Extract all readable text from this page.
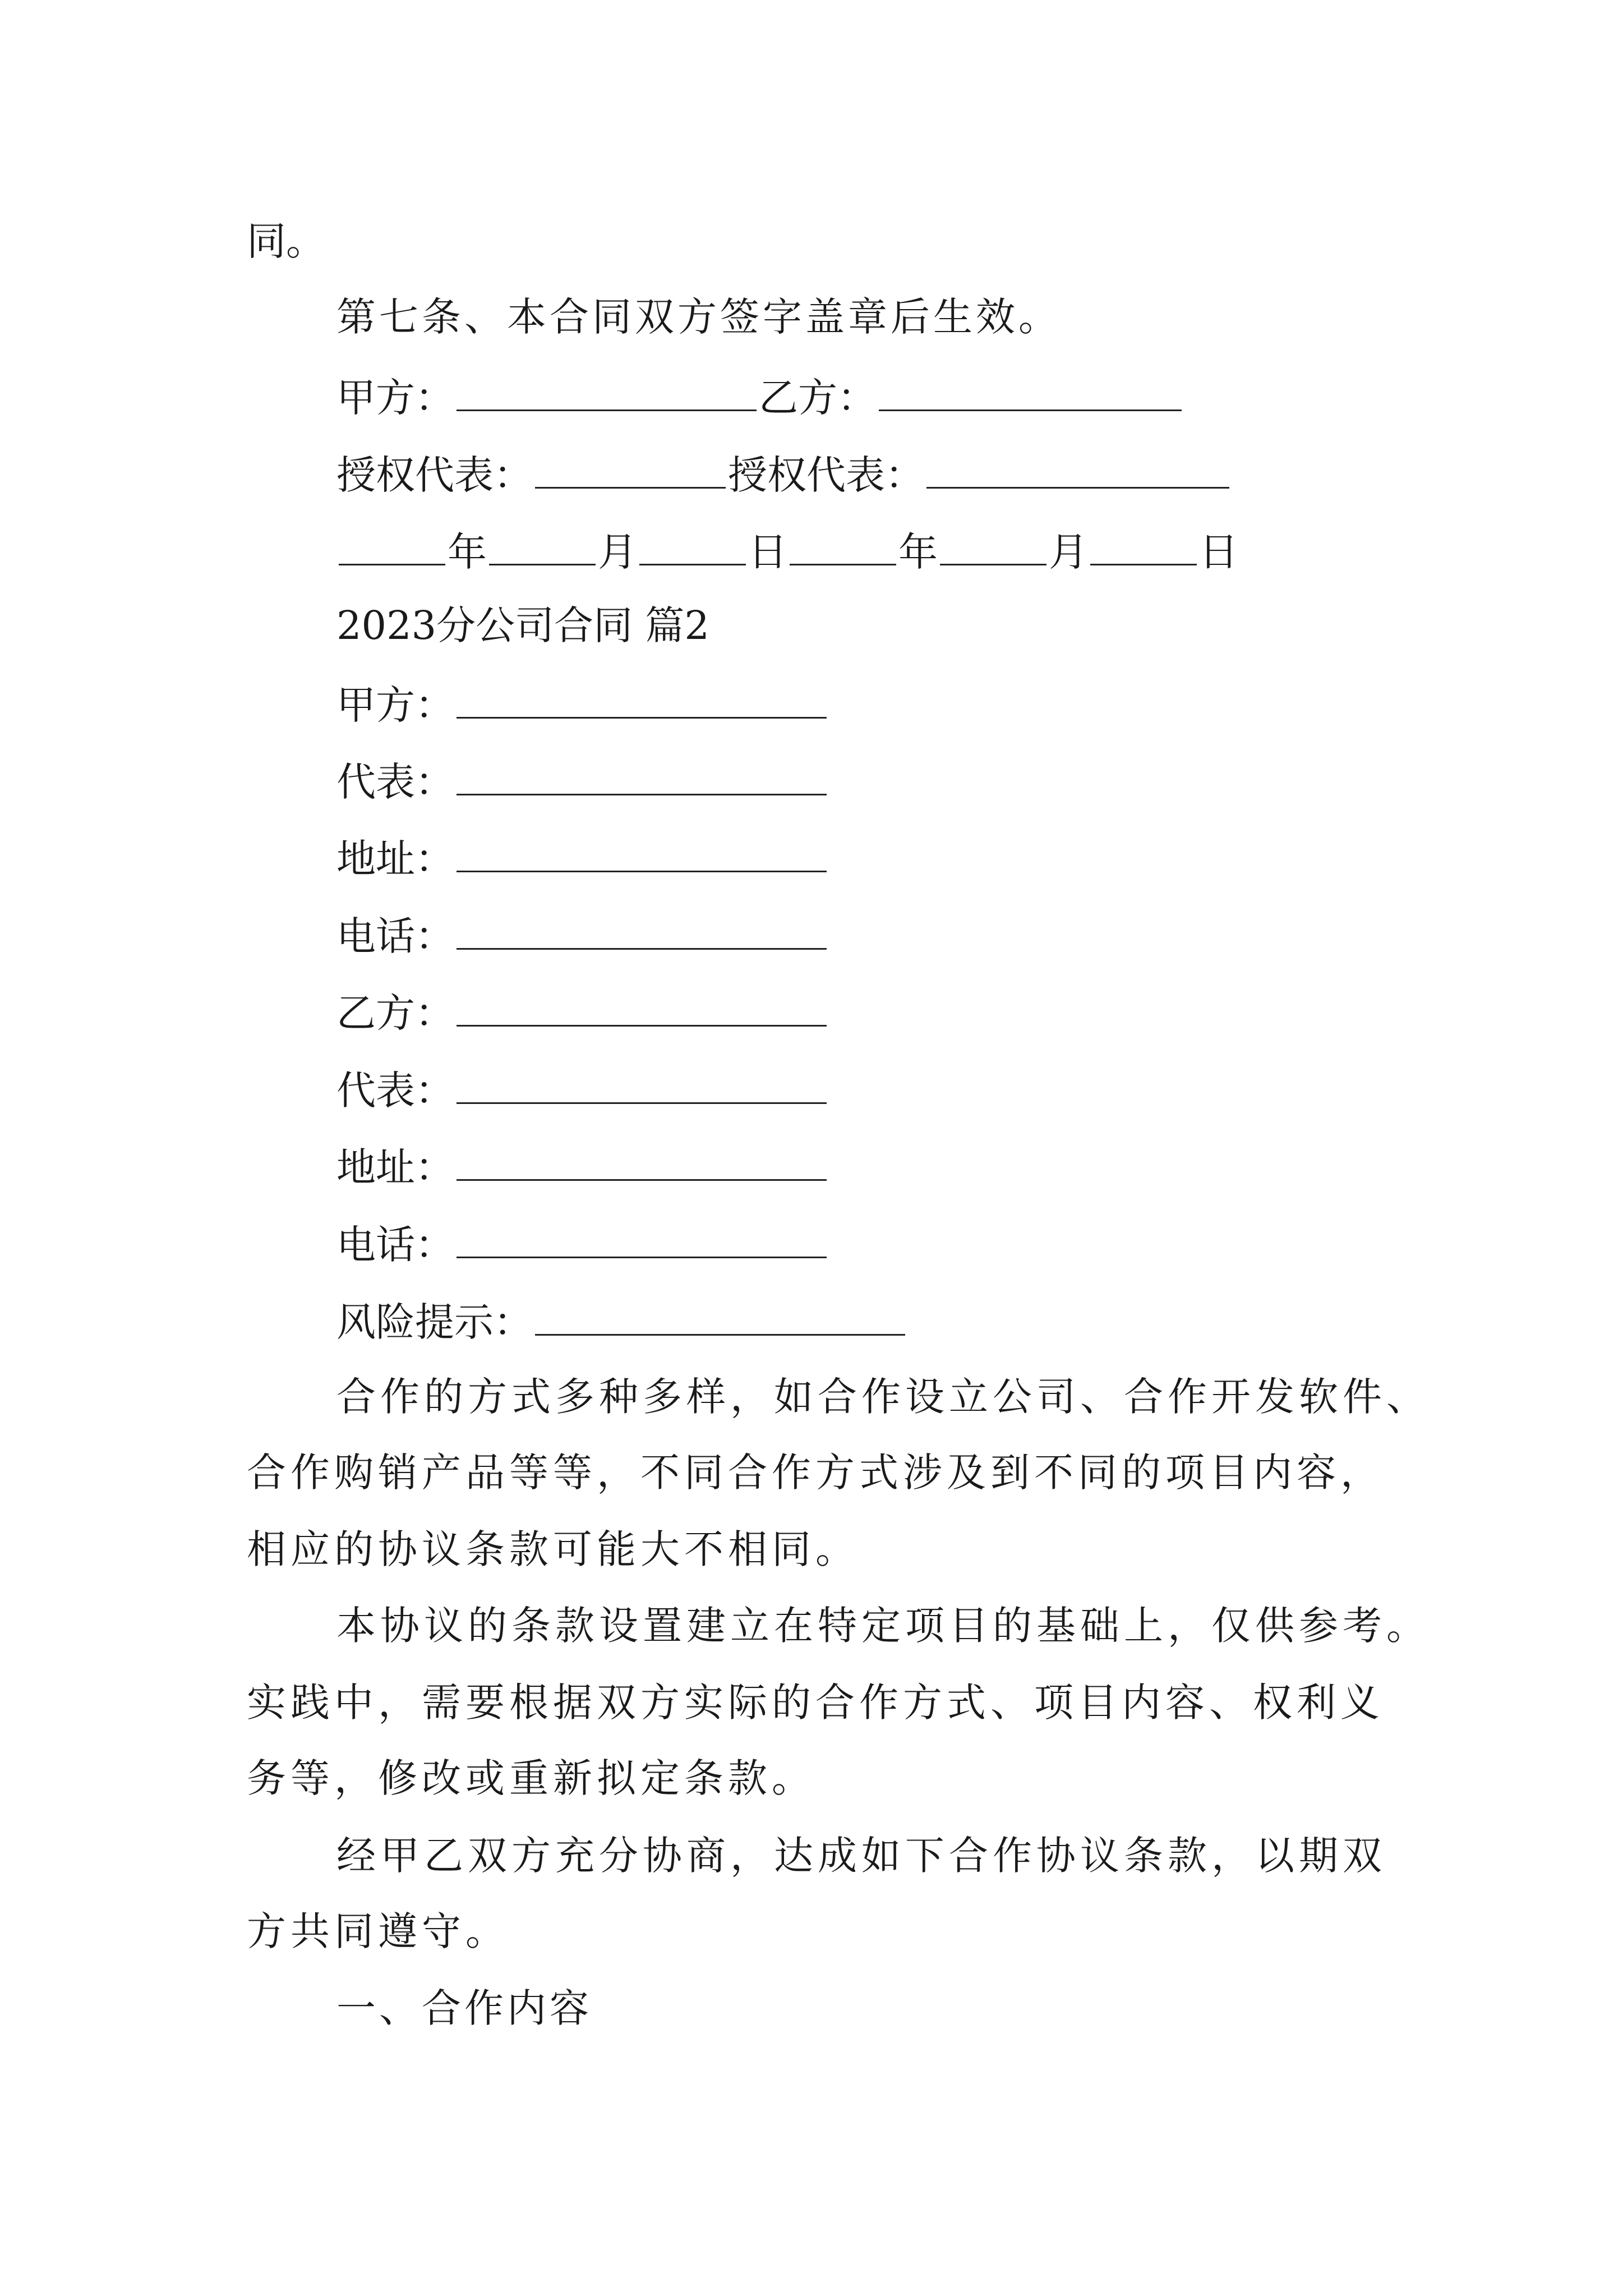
同。
第七条、本合同双方签字盖章后生效。
甲方：	乙方：
授权代表：	授权代表：
年	月	日	年	月	日
2023分公司合同 篇2
甲方：
代表：
地址：
电话：
乙方：
代表：
地址：
电话：
风险提示：
合作的方式多种多样，如合作设立公司、合作开发软件、
合作购销产品等等，不同合作方式涉及到不同的项目内容，
相应的协议条款可能大不相同。
本协议的条款设置建立在特定项目的基础上，仅供参考。
实践中，需要根据双方实际的合作方式、项目内容、权利义
务等，修改或重新拟定条款。
经甲乙双方充分协商，达成如下合作协议条款，以期双
方共同遵守。
一、合作内容
